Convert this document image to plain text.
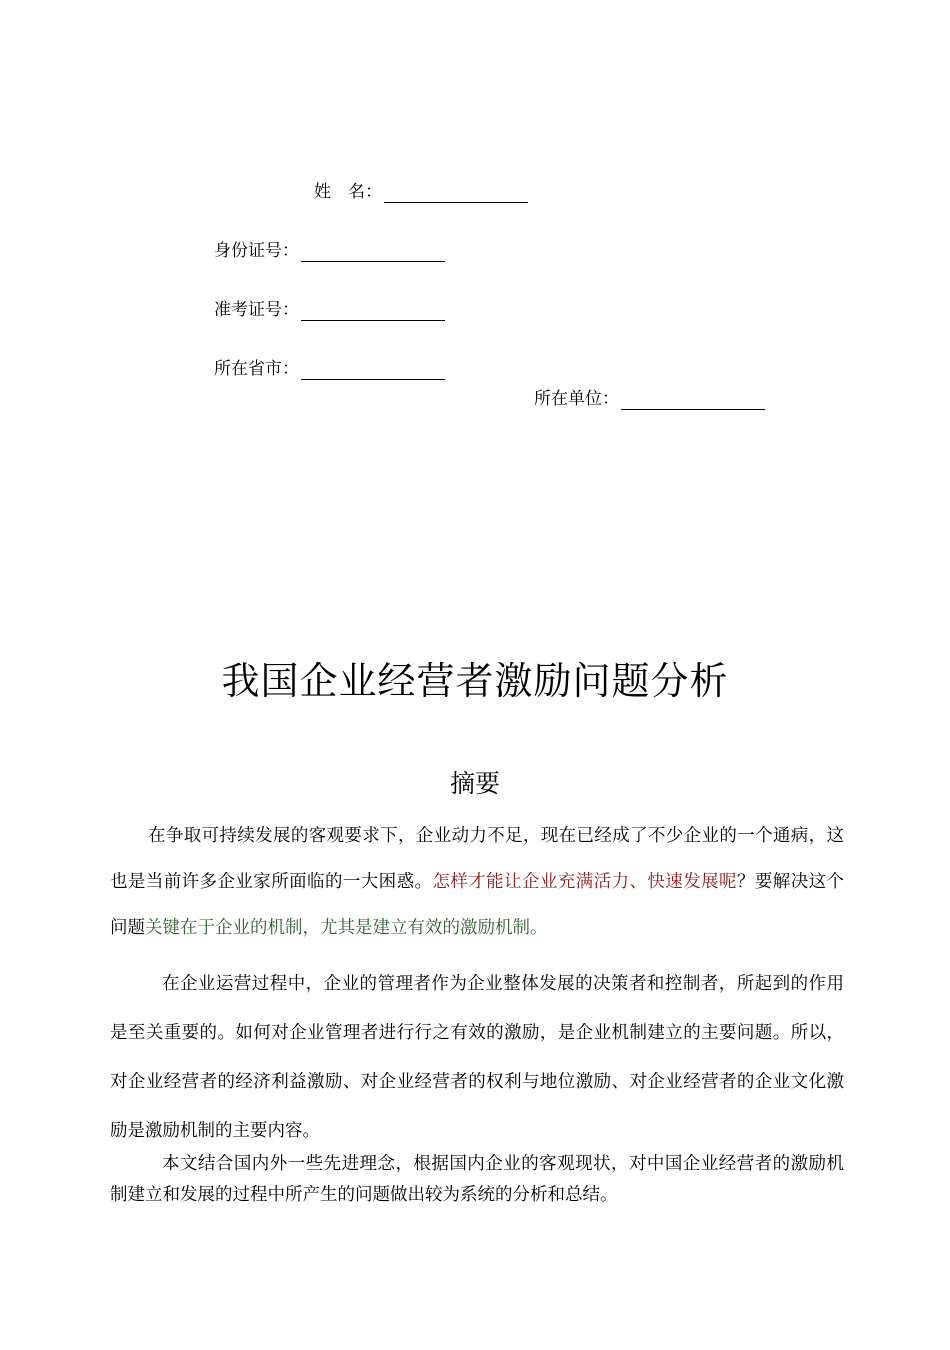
姓　名：
身份证号：
准考证号：
所在省市：
所在单位：
我国企业经营者激励问题分析
摘要
在争取可持续发展的客观要求下，企业动力不足，现在已经成了不少企业的一个通病，这也是当前许多企业家所面临的一大困惑。怎样才能让企业充满活力、快速发展呢？要解决这个问题关键在于企业的机制，尤其是建立有效的激励机制。
在企业运营过程中，企业的管理者作为企业整体发展的决策者和控制者，所起到的作用是至关重要的。如何对企业管理者进行行之有效的激励，是企业机制建立的主要问题。所以，对企业经营者的经济利益激励、对企业经营者的权利与地位激励、对企业经营者的企业文化激励是激励机制的主要内容。
本文结合国内外一些先进理念，根据国内企业的客观现状，对中国企业经营者的激励机制建立和发展的过程中所产生的问题做出较为系统的分析和总结。
